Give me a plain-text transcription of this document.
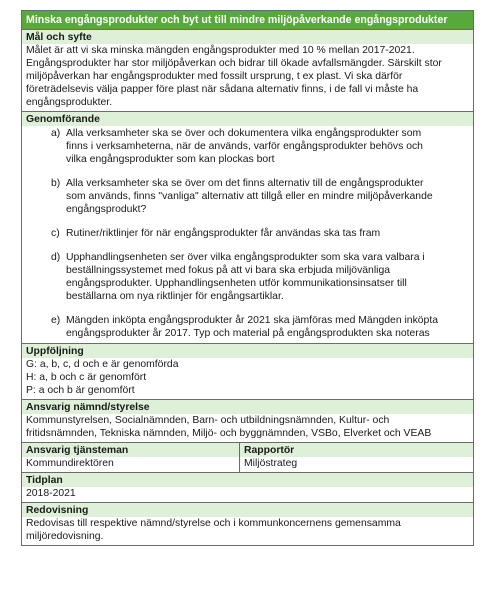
Minska engångsprodukter och byt ut till mindre miljöpåverkande engångsprodukter
Mål och syfte
Målet är att vi ska minska mängden engångsprodukter med 10 % mellan 2017-2021.
Engångsprodukter har stor miljöpåverkan och bidrar till ökade avfallsmängder. Särskilt stor
miljöpåverkan har engångsprodukter med fossilt ursprung, t ex plast. Vi ska därför
företrädelsevis välja papper före plast när sådana alternativ finns, i de fall vi måste ha
engångsprodukter.
Genomförande
a) Alla verksamheter ska se över och dokumentera vilka engångsprodukter som
finns i verksamheterna, när de används, varför engångsprodukter behövs och
vilka engångsprodukter som kan plockas bort
b) Alla verksamheter ska se över om det finns alternativ till de engångsprodukter
som används, finns "vanliga" alternativ att tillgå eller en mindre miljöpåverkande
engångsprodukt?
c) Rutiner/riktlinjer för när engångsprodukter får användas ska tas fram
d) Upphandlingsenheten ser över vilka engångsprodukter som ska vara valbara i
beställningssystemet med fokus på att vi bara ska erbjuda miljövänliga
engångsprodukter. Upphandlingsenheten utför kommunikationsinsatser till
beställarna om nya riktlinjer för engångsartiklar.
e) Mängden inköpta engångsprodukter år 2021 ska jämföras med Mängden inköpta
engångsprodukter år 2017. Typ och material på engångsprodukten ska noteras
Uppföljning
G: a, b, c, d och e är genomförda
H: a, b och c är genomfört
P: a och b är genomfört
Ansvarig nämnd/styrelse
Kommunstyrelsen, Socialnämnden, Barn- och utbildningsnämnden, Kultur- och
fritidsnämnden, Tekniska nämnden, Miljö- och byggnämnden, VSBo, Elverket och VEAB
Ansvarig tjänsteman
Kommundirektören
Rapportör
Miljöstrateg
Tidplan
2018-2021
Redovisning
Redovisas till respektive nämnd/styrelse och i kommunkoncernens gemensamma
miljöredovisning.
